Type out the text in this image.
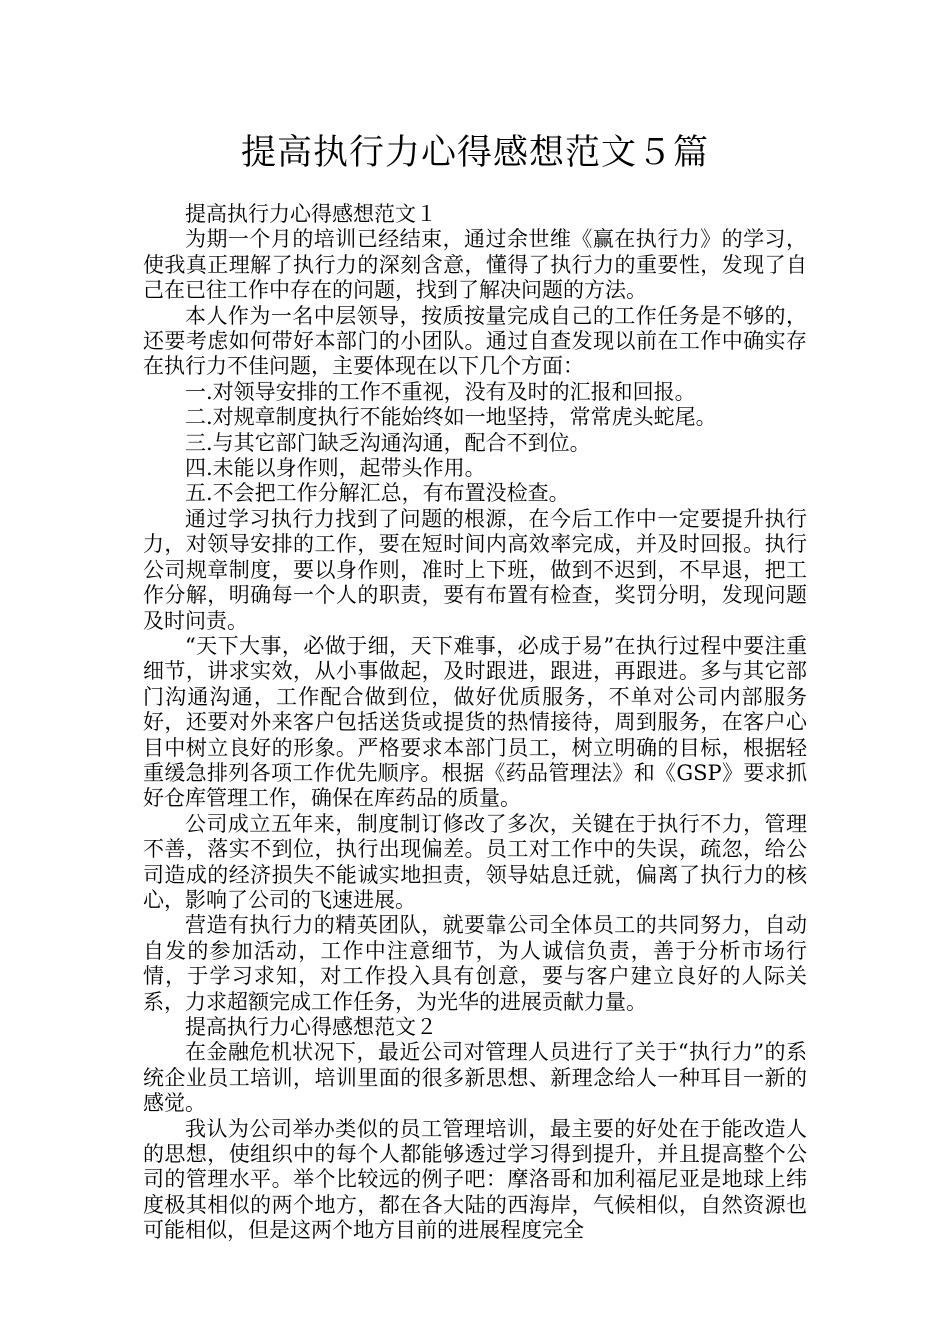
提高执行力心得感想范文５篇

提高执行力心得感想范文１

为期一个月的培训已经结束，通过余世维《赢在执行力》的学习，使我真正理解了执行力的深刻含意，懂得了执行力的重要性，发现了自己在已往工作中存在的问题，找到了解决问题的方法。

本人作为一名中层领导，按质按量完成自己的工作任务是不够的，还要考虑如何带好本部门的小团队。通过自查发现以前在工作中确实存在执行力不佳问题，主要体现在以下几个方面：

一.对领导安排的工作不重视，没有及时的汇报和回报。

二.对规章制度执行不能始终如一地坚持，常常虎头蛇尾。

三.与其它部门缺乏沟通沟通，配合不到位。

四.未能以身作则，起带头作用。

五.不会把工作分解汇总，有布置没检查。

通过学习执行力找到了问题的根源，在今后工作中一定要提升执行力，对领导安排的工作，要在短时间内高效率完成，并及时回报。执行公司规章制度，要以身作则，准时上下班，做到不迟到，不早退，把工作分解，明确每一个人的职责，要有布置有检查，奖罚分明，发现问题及时问责。

“天下大事，必做于细，天下难事，必成于易”在执行过程中要注重细节，讲求实效，从小事做起，及时跟进，跟进，再跟进。多与其它部门沟通沟通，工作配合做到位，做好优质服务，不单对公司内部服务好，还要对外来客户包括送货或提货的热情接待，周到服务，在客户心目中树立良好的形象。严格要求本部门员工，树立明确的目标，根据轻重缓急排列各项工作优先顺序。根据《药品管理法》和《GSP》要求抓好仓库管理工作，确保在库药品的质量。

公司成立五年来，制度制订修改了多次，关键在于执行不力，管理不善，落实不到位，执行出现偏差。员工对工作中的失误，疏忽，给公司造成的经济损失不能诚实地担责，领导姑息迁就，偏离了执行力的核心，影响了公司的飞速进展。

营造有执行力的精英团队，就要靠公司全体员工的共同努力，自动自发的参加活动，工作中注意细节，为人诚信负责，善于分析市场行情，于学习求知，对工作投入具有创意，要与客户建立良好的人际关系，力求超额完成工作任务，为光华的进展贡献力量。

提高执行力心得感想范文２

在金融危机状况下，最近公司对管理人员进行了关于“执行力”的系统企业员工培训，培训里面的很多新思想、新理念给人一种耳目一新的感觉。

我认为公司举办类似的员工管理培训，最主要的好处在于能改造人的思想，使组织中的每个人都能够透过学习得到提升，并且提高整个公司的管理水平。举个比较远的例子吧：摩洛哥和加利福尼亚是地球上纬度极其相似的两个地方，都在各大陆的西海岸，气候相似，自然资源也可能相似，但是这两个地方目前的进展程度完全
